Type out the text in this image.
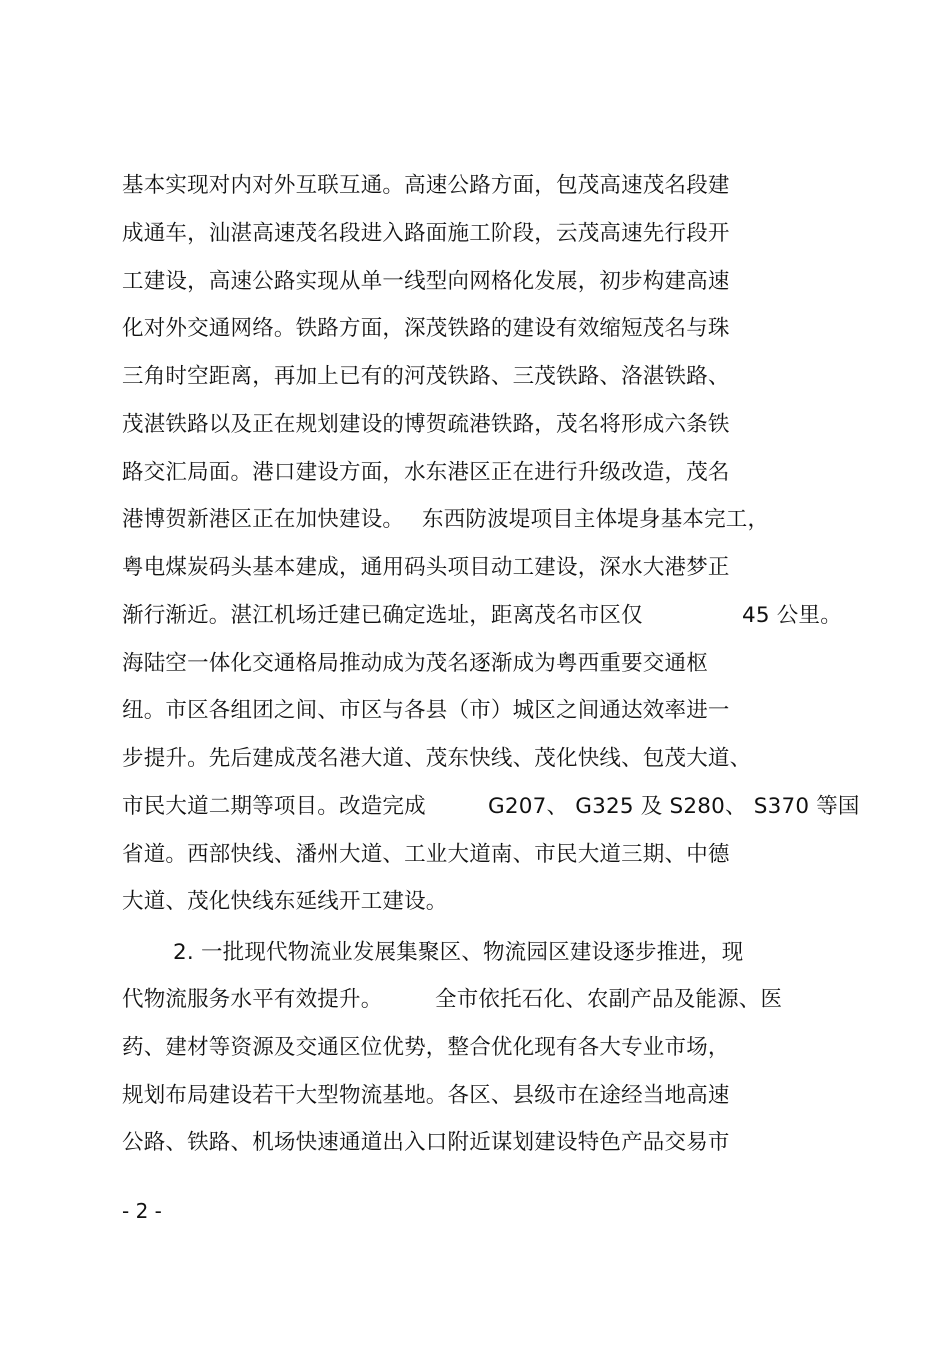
基本实现对内对外互联互通。高速公路方面，包茂高速茂名段建
成通车，汕湛高速茂名段进入路面施工阶段，云茂高速先行段开
工建设，高速公路实现从单一线型向网格化发展，初步构建高速
化对外交通网络。铁路方面，深茂铁路的建设有效缩短茂名与珠
三角时空距离，再加上已有的河茂铁路、三茂铁路、洛湛铁路、
茂湛铁路以及正在规划建设的博贺疏港铁路，茂名将形成六条铁
路交汇局面。港口建设方面，水东港区正在进行升级改造，茂名
港博贺新港区正在加快建设。 东西防波堤项目主体堤身基本完工，
粤电煤炭码头基本建成，通用码头项目动工建设，深水大港梦正
渐行渐近。湛江机场迁建已确定选址，距离茂名市区仅	45 公里。
海陆空一体化交通格局推动成为茂名逐渐成为粤西重要交通枢
纽。市区各组团之间、市区与各县（市）城区之间通达效率进一
步提升。先后建成茂名港大道、茂东快线、茂化快线、包茂大道、
市民大道二期等项目。改造完成	G207、 G325 及 S280、 S370 等国
省道。西部快线、潘州大道、工业大道南、市民大道三期、中德
大道、茂化快线东延线开工建设。
2. 一批现代物流业发展集聚区、物流园区建设逐步推进，现
代物流服务水平有效提升。 全市依托石化、农副产品及能源、医
药、建材等资源及交通区位优势，整合优化现有各大专业市场，
规划布局建设若干大型物流基地。各区、县级市在途经当地高速
公路、铁路、机场快速通道出入口附近谋划建设特色产品交易市
- 2 -
